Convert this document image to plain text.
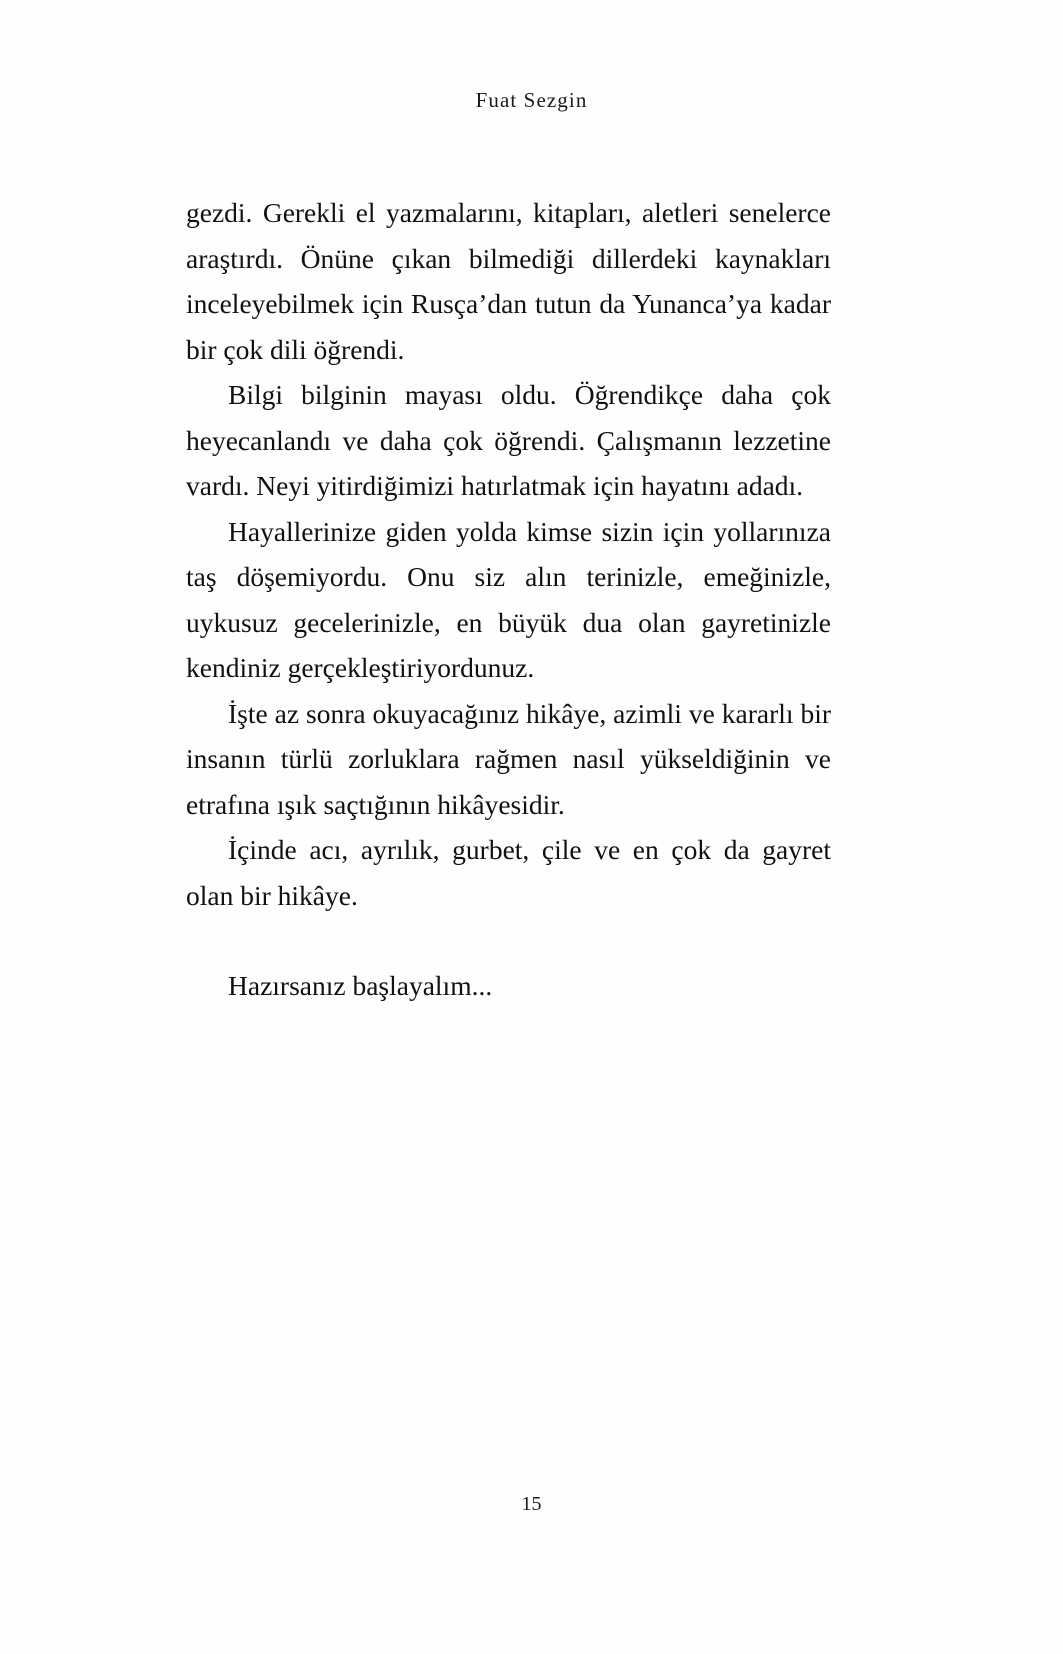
Fuat Sezgin

gezdi. Gerekli el yazmalarını, kitapları, aletleri senelerce araştırdı. Önüne çıkan bilmediği dillerdeki kaynakları inceleyebilmek için Rusça’dan tutun da Yunanca’ya kadar bir çok dili öğrendi.

Bilgi bilginin mayası oldu. Öğrendikçe daha çok heyecanlandı ve daha çok öğrendi. Çalışmanın lezzetine vardı. Neyi yitirdiğimizi hatırlatmak için hayatını adadı.

Hayallerinize giden yolda kimse sizin için yollarınıza taş döşemiyordu. Onu siz alın terinizle, emeğinizle, uykusuz gecelerinizle, en büyük dua olan gayretinizle kendiniz gerçekleştiriyordunuz.

İşte az sonra okuyacağınız hikâye, azimli ve kararlı bir insanın türlü zorluklara rağmen nasıl yükseldiğinin ve etrafına ışık saçtığının hikâyesidir.

İçinde acı, ayrılık, gurbet, çile ve en çok da gayret olan bir hikâye.

Hazırsanız başlayalım...

15
